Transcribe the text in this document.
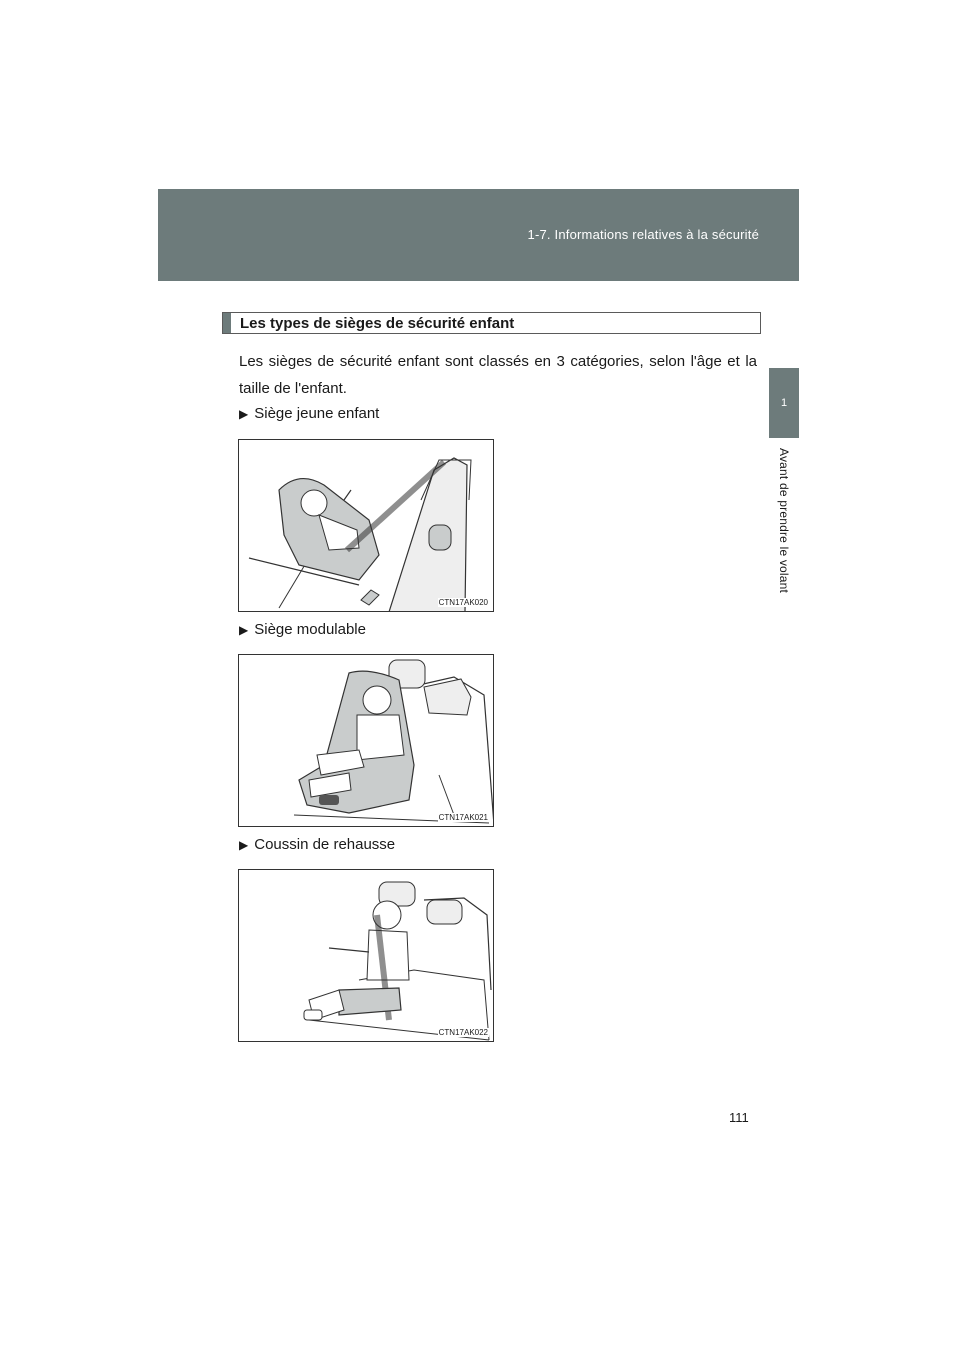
1-7. Informations relatives à la sécurité
1
Avant de prendre le volant
Les types de sièges de sécurité enfant
Les sièges de sécurité enfant sont classés en 3 catégories, selon l'âge et la taille de l'enfant.
▶ Siège jeune enfant
CTN17AK020
▶ Siège modulable
CTN17AK021
▶ Coussin de rehausse
CTN17AK022
111
